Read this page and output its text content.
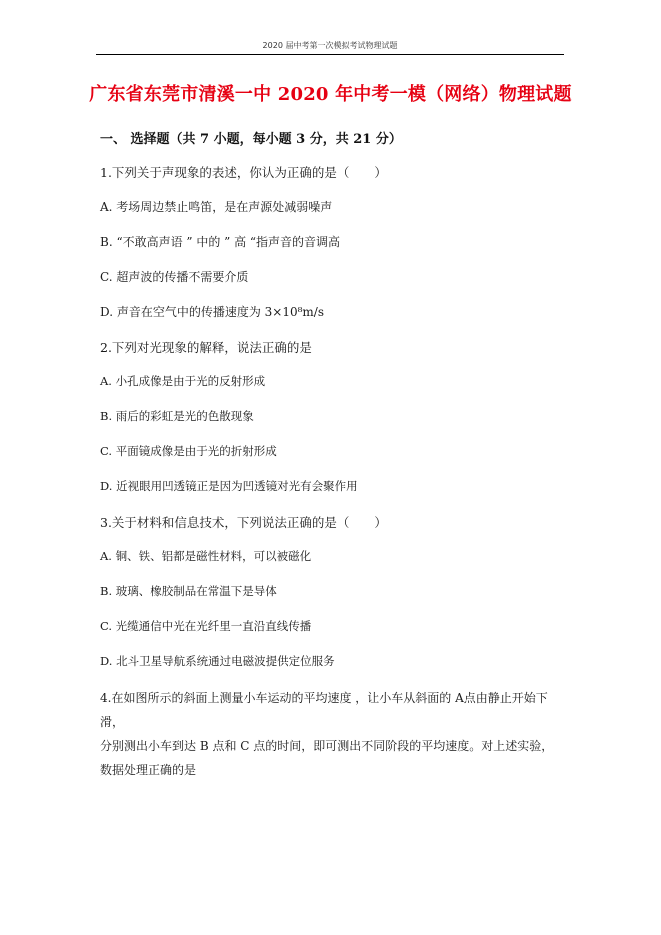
2020 届中考第一次模拟考试物理试题
广东省东莞市清溪一中 2020 年中考一模（网络）物理试题
一、 选择题（共 7 小题，每小题 3 分，共 21 分）
1.下列关于声现象的表述，你认为正确的是（　　）
A. 考场周边禁止鸣笛，是在声源处减弱噪声
B. “不敢高声语 ” 中的 ” 高 “指声音的音调高
C. 超声波的传播不需要介质
D. 声音在空气中的传播速度为 3×10⁸m/s
2.下列对光现象的解释，说法正确的是
A. 小孔成像是由于光的反射形成
B. 雨后的彩虹是光的色散现象
C. 平面镜成像是由于光的折射形成
D. 近视眼用凹透镜正是因为凹透镜对光有会聚作用
3.关于材料和信息技术，下列说法正确的是（　　）
A. 铜、铁、铝都是磁性材料，可以被磁化
B. 玻璃、橡胶制品在常温下是导体
C. 光缆通信中光在光纤里一直沿直线传播
D. 北斗卫星导航系统通过电磁波提供定位服务
4.在如图所示的斜面上测量小车运动的平均速度 ，让小车从斜面的 A点由静止开始下滑，
分别测出小车到达 B 点和 C 点的时间，即可测出不同阶段的平均速度。对上述实验，
数据处理正确的是
